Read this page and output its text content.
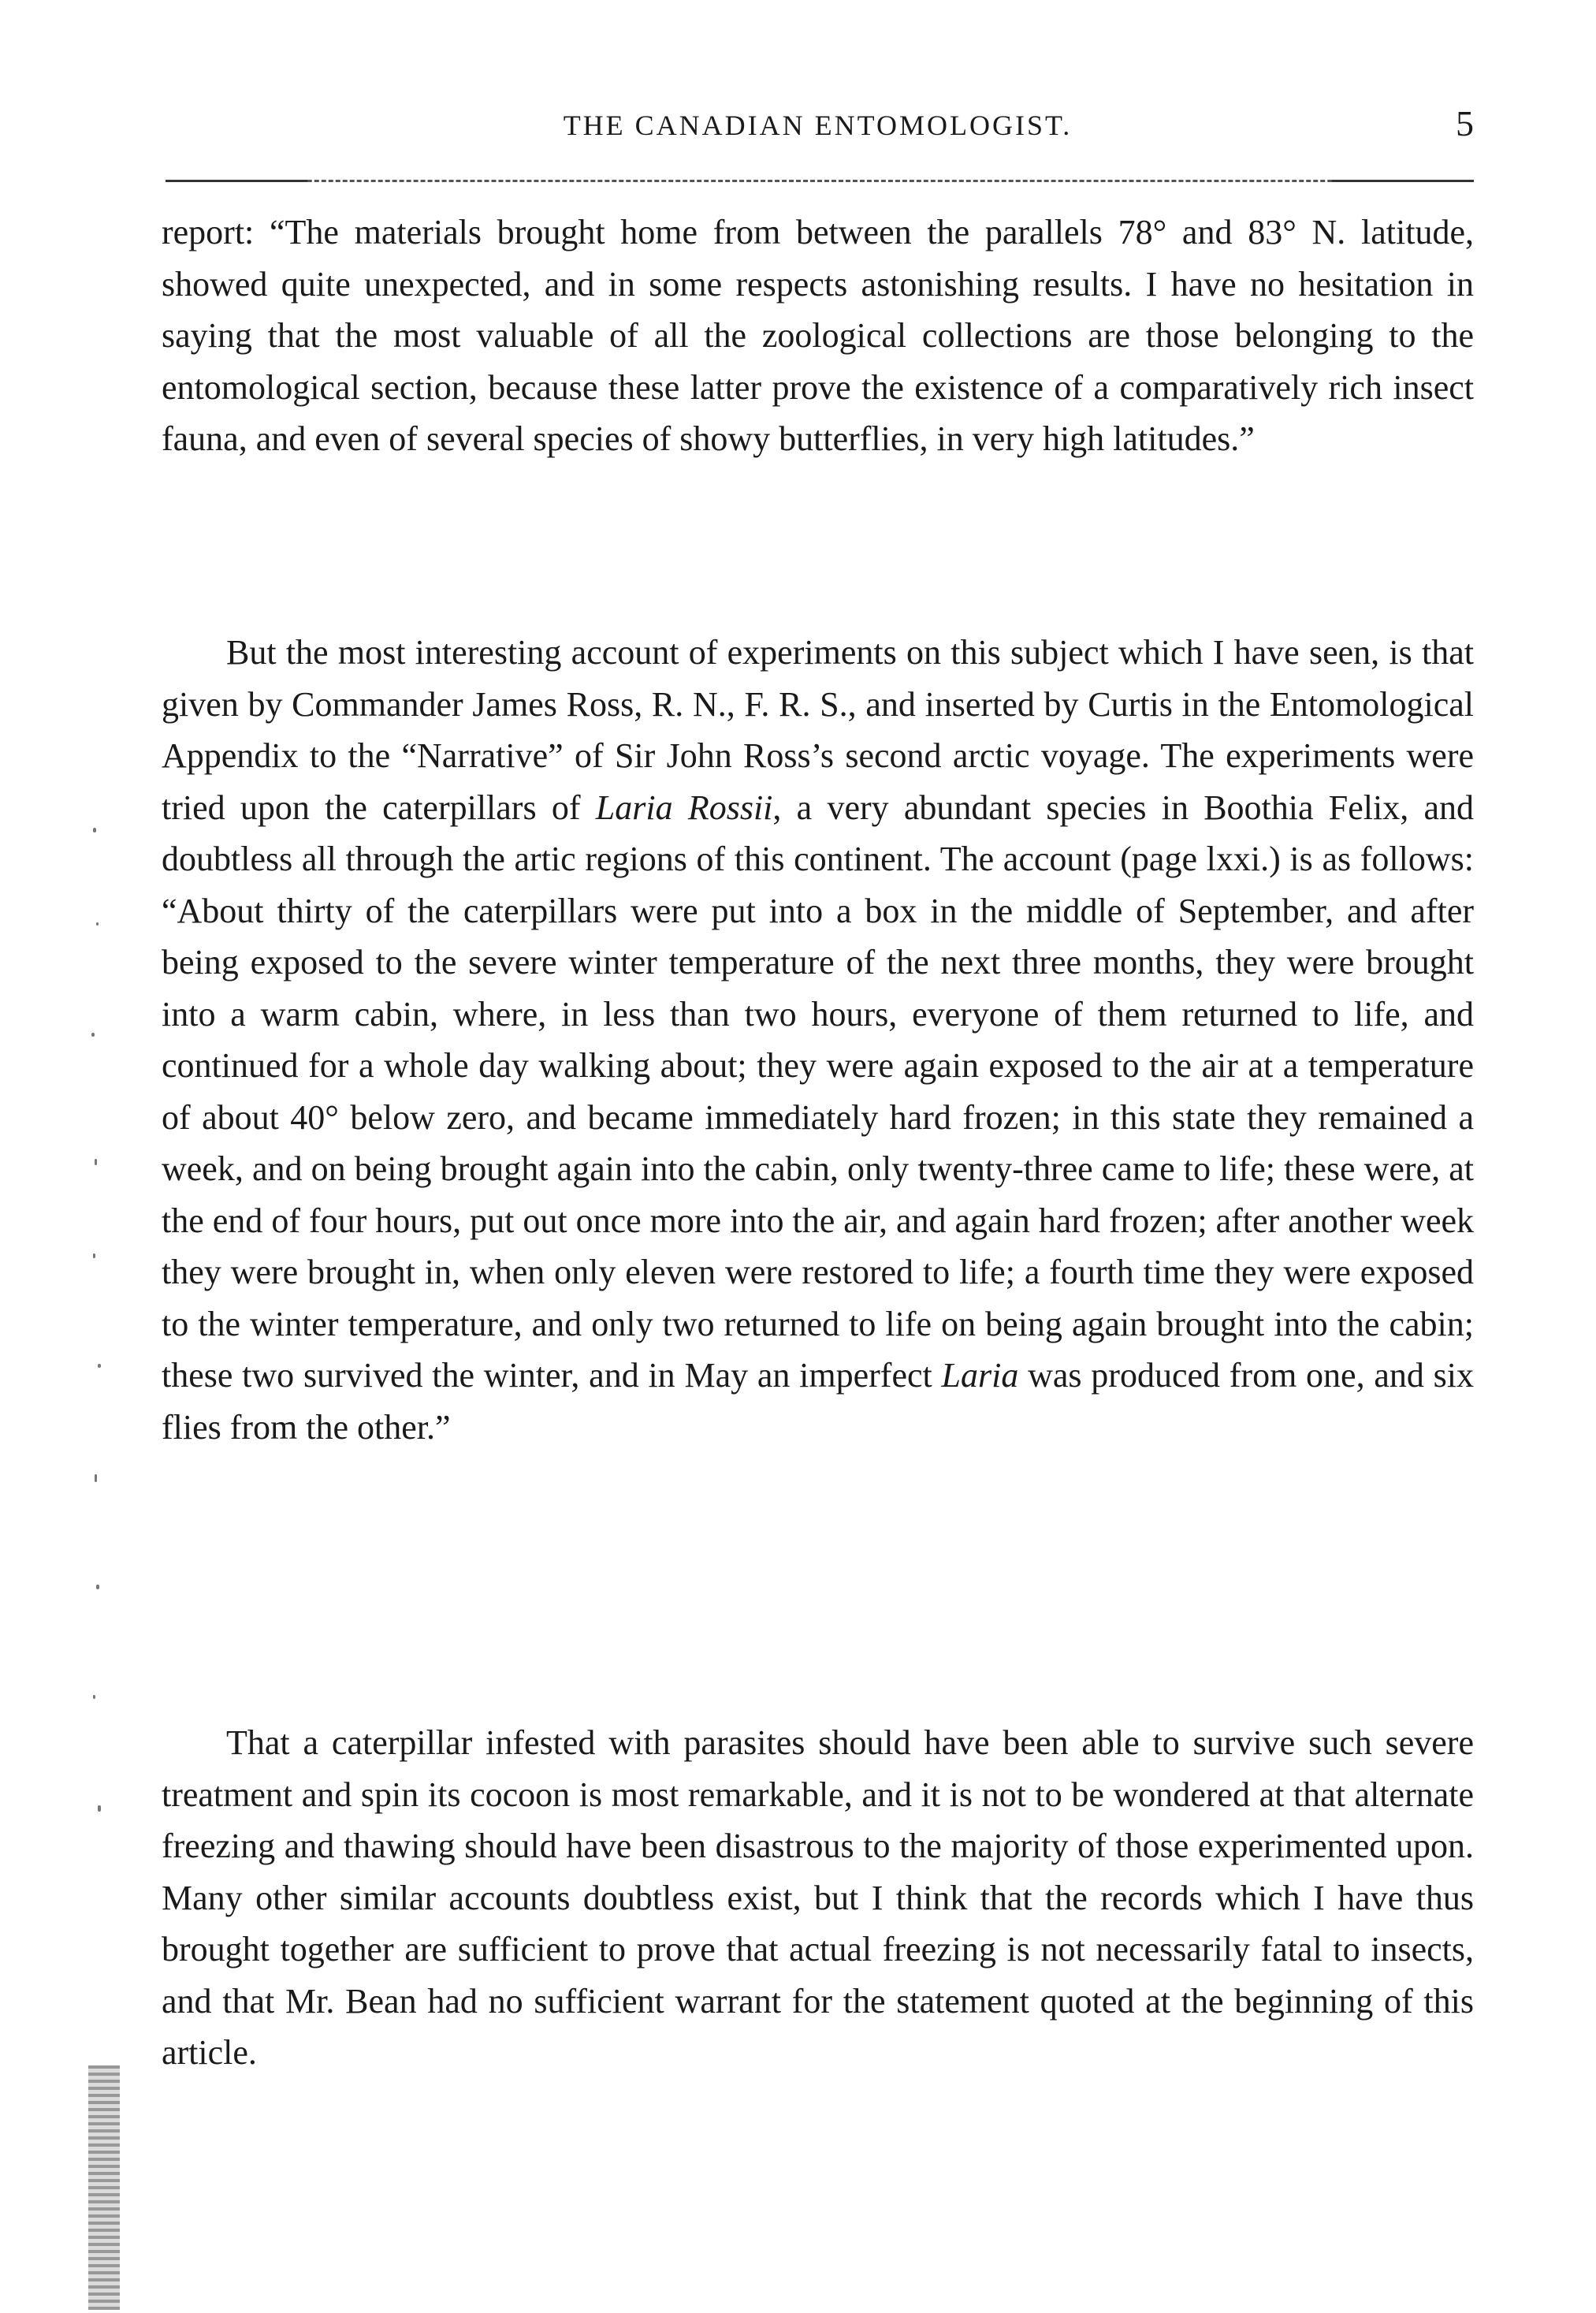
THE CANADIAN ENTOMOLOGIST.	5

report: “The materials brought home from between the parallels 78° and 83° N. latitude, showed quite unexpected, and in some respects astonishing results. I have no hesitation in saying that the most valuable of all the zoological collections are those belonging to the entomological section, because these latter prove the existence of a comparatively rich insect fauna, and even of several species of showy butterflies, in very high latitudes.”

But the most interesting account of experiments on this subject which I have seen, is that given by Commander James Ross, R. N., F. R. S., and inserted by Curtis in the Entomological Appendix to the “Narrative” of Sir John Ross’s second arctic voyage. The experiments were tried upon the caterpillars of Laria Rossii, a very abundant species in Boothia Felix, and doubtless all through the artic regions of this continent. The account (page lxxi.) is as follows: “About thirty of the caterpillars were put into a box in the middle of September, and after being exposed to the severe winter temperature of the next three months, they were brought into a warm cabin, where, in less than two hours, everyone of them returned to life, and continued for a whole day walking about; they were again exposed to the air at a temperature of about 40° below zero, and became immediately hard frozen; in this state they remained a week, and on being brought again into the cabin, only twenty-three came to life; these were, at the end of four hours, put out once more into the air, and again hard frozen; after another week they were brought in, when only eleven were restored to life; a fourth time they were exposed to the winter temperature, and only two returned to life on being again brought into the cabin; these two survived the winter, and in May an imperfect Laria was produced from one, and six flies from the other.”

That a caterpillar infested with parasites should have been able to survive such severe treatment and spin its cocoon is most remarkable, and it is not to be wondered at that alternate freezing and thawing should have been disastrous to the majority of those experimented upon. Many other similar accounts doubtless exist, but I think that the records which I have thus brought together are sufficient to prove that actual freezing is not necessarily fatal to insects, and that Mr. Bean had no sufficient warrant for the statement quoted at the beginning of this article.
